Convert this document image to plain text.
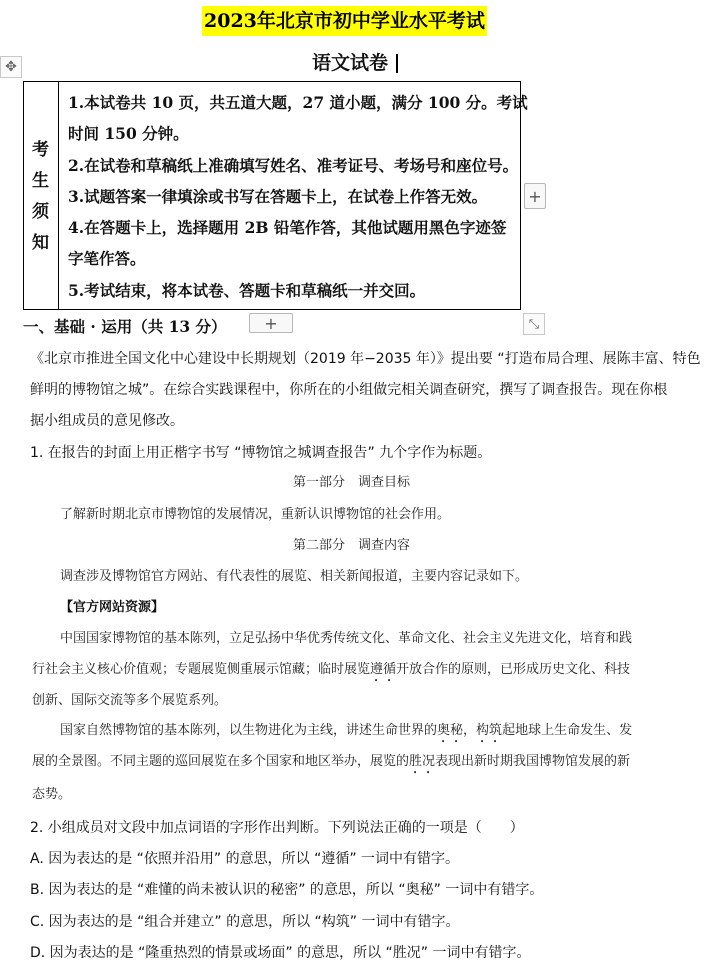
2023年北京市初中学业水平考试
语文试卷
✥
考
生
须
知
1.本试卷共 10 页，共五道大题，27 道小题，满分 100 分。考试
时间 150 分钟。
2.在试卷和草稿纸上准确填写姓名、准考证号、考场号和座位号。
3.试题答案一律填涂或书写在答题卡上，在试卷上作答无效。
4.在答题卡上，选择题用 2B 铅笔作答，其他试题用黑色字迹签
字笔作答。
5.考试结束，将本试卷、答题卡和草稿纸一并交回。
+
+	⤡
一、基础 · 运用（共 13 分）
《北京市推进全国文化中心建设中长期规划（2019 年−2035 年）》提出要 “打造布局合理、展陈丰富、特色
鲜明的博物馆之城”。在综合实践课程中，你所在的小组做完相关调查研究，撰写了调查报告。现在你根
据小组成员的意见修改。
1. 在报告的封面上用正楷字书写 “博物馆之城调查报告” 九个字作为标题。
第一部分　调查目标
了解新时期北京市博物馆的发展情况，重新认识博物馆的社会作用。
第二部分　调查内容
调查涉及博物馆官方网站、有代表性的展览、相关新闻报道，主要内容记录如下。
【官方网站资源】
中国国家博物馆的基本陈列，立足弘扬中华优秀传统文化、革命文化、社会主义先进文化，培育和践
行社会主义核心价值观；专题展览侧重展示馆藏；临时展览遵循开放合作的原则，已形成历史文化、科技
创新、国际交流等多个展览系列。
国家自然博物馆的基本陈列，以生物进化为主线，讲述生命世界的奥秘，构筑起地球上生命发生、发
展的全景图。不同主题的巡回展览在多个国家和地区举办，展览的胜况表现出新时期我国博物馆发展的新
态势。
2. 小组成员对文段中加点词语的字形作出判断。下列说法正确的一项是（　　）
A. 因为表达的是 “依照并沿用” 的意思，所以 “遵循” 一词中有错字。
B. 因为表达的是 “难懂的尚未被认识的秘密” 的意思，所以 “奥秘” 一词中有错字。
C. 因为表达的是 “组合并建立” 的意思，所以 “构筑” 一词中有错字。
D. 因为表达的是 “隆重热烈的情景或场面” 的意思，所以 “胜况” 一词中有错字。
